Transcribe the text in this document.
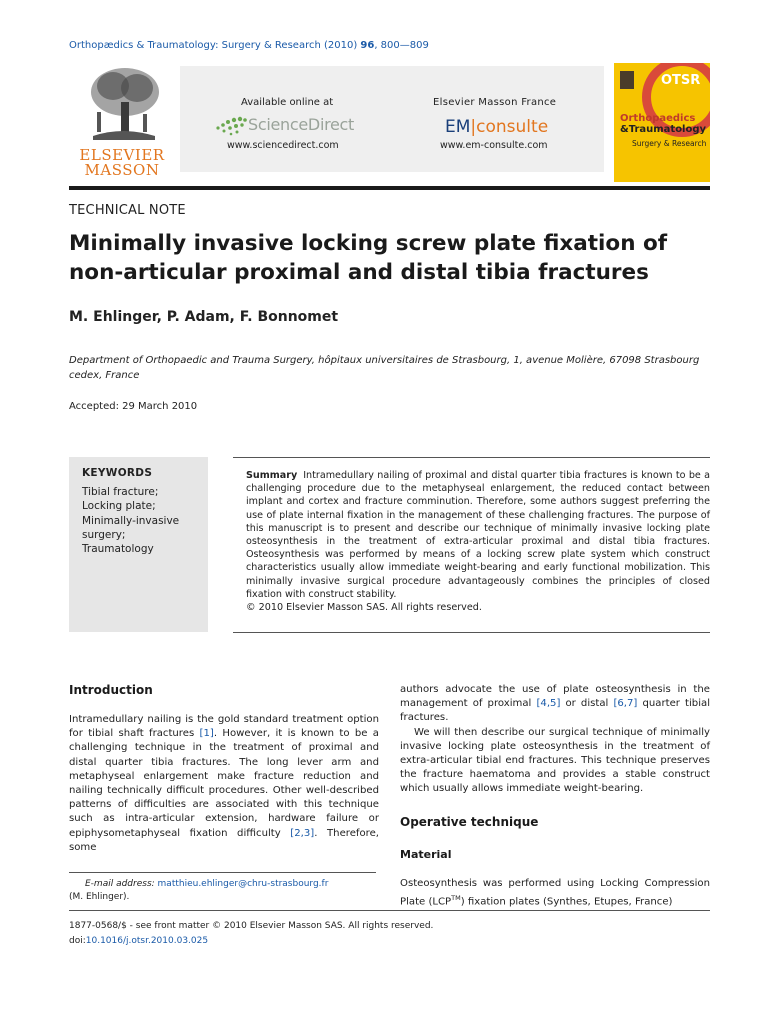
Orthopædics & Traumatology: Surgery & Research (2010) 96, 800—809
ELSEVIER
MASSON
Available online at
ScienceDirect
www.sciencedirect.com
Elsevier Masson France
EM|consulte
www.em-consulte.com
OTSR
Orthopaedics
&Traumatology
Surgery & Research
TECHNICAL NOTE
Minimally invasive locking screw plate fixation of non-articular proximal and distal tibia fractures
M. Ehlinger, P. Adam, F. Bonnomet
Department of Orthopaedic and Trauma Surgery, hôpitaux universitaires de Strasbourg, 1, avenue Molière, 67098 Strasbourg cedex, France
Accepted: 29 March 2010
KEYWORDS
Tibial fracture;
Locking plate;
Minimally-invasive surgery;
Traumatology
Summary Intramedullary nailing of proximal and distal quarter tibia fractures is known to be a challenging procedure due to the metaphyseal enlargement, the reduced contact between implant and cortex and fracture comminution. Therefore, some authors suggest preferring the use of plate internal fixation in the management of these challenging fractures. The purpose of this manuscript is to present and describe our technique of minimally invasive locking plate osteosynthesis in the treatment of extra-articular proximal and distal tibia fractures. Osteosynthesis was performed by means of a locking screw plate system which construct characteristics usually allow immediate weight-bearing and early functional mobilization. This minimally invasive surgical procedure advantageously combines the principles of closed fixation with construct stability.
© 2010 Elsevier Masson SAS. All rights reserved.
Introduction

Intramedullary nailing is the gold standard treatment option for tibial shaft fractures [1]. However, it is known to be a challenging technique in the treatment of proximal and distal quarter tibia fractures. The long lever arm and metaphyseal enlargement make fracture reduction and nailing technically difficult procedures. Other well-described patterns of difficulties are associated with this technique such as intra-articular extension, hardware failure or epiphysometaphyseal fixation difficulty [2,3]. Therefore, some

authors advocate the use of plate osteosynthesis in the management of proximal [4,5] or distal [6,7] quarter tibial fractures.

We will then describe our surgical technique of minimally invasive locking plate osteosynthesis in the treatment of extra-articular tibial end fractures. This technique preserves the fracture haematoma and provides a stable construct which usually allows immediate weight-bearing.

Operative technique
Material

Osteosynthesis was performed using Locking Compression Plate (LCP™) fixation plates (Synthes, Etupes, France)

E-mail address: matthieu.ehlinger@chru-strasbourg.fr
(M. Ehlinger).
1877-0568/$ - see front matter © 2010 Elsevier Masson SAS. All rights reserved.
doi:10.1016/j.otsr.2010.03.025
